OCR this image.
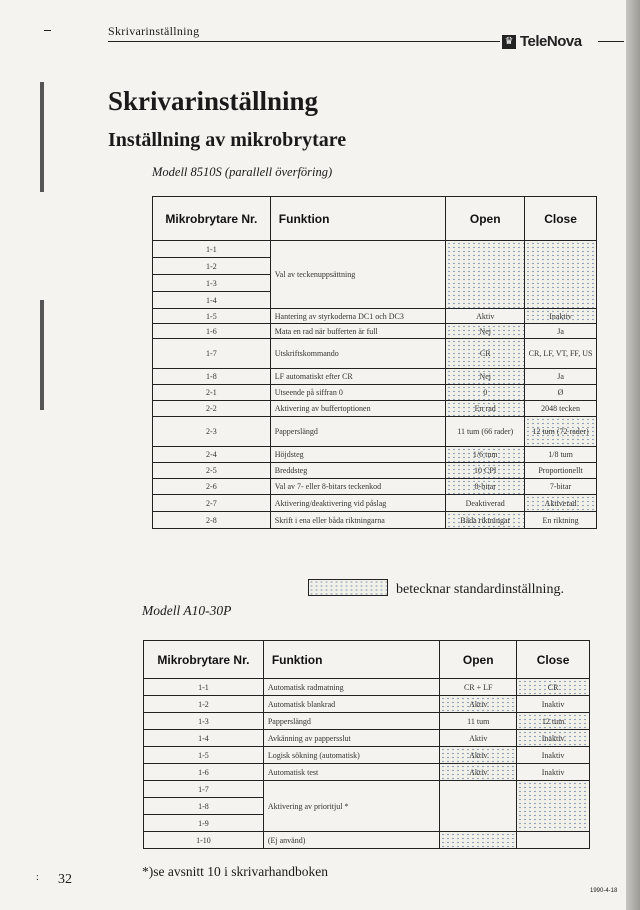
Skrivarinställning
♛ TeleNova
Skrivarinställning
Inställning av mikrobrytare
Modell 8510S (parallell överföring)
Mikrobrytare Nr.	Funktion	Open	Close
1-1	Val av teckenuppsättning		
1-2			
1-3			
1-4			
1-5	Hantering av styrkoderna DC1 och DC3	Aktiv	Inaktiv
1-6	Mata en rad när bufferten är full	Nej	Ja
1-7	Utskriftskommando	CR	CR, LF, VT, FF, US
1-8	LF automatiskt efter CR	Nej	Ja
2-1	Utseende på siffran 0	0	Ø
2-2	Aktivering av buffertoptionen	En rad	2048 tecken
2-3	Papperslängd	11 tum (66 rader)	12 tum (72 rader)
2-4	Höjdsteg	1/6 tum	1/8 tum
2-5	Breddsteg	10 CPI	Proportionellt
2-6	Val av 7- eller 8-bitars teckenkod	8-bitar	7-bitar
2-7	Aktivering/deaktivering vid påslag	Deaktiverad	Aktiverad
2-8	Skrift i ena eller båda riktningarna	Båda riktningar	En riktning
betecknar standardinställning.
Modell A10-30P
Mikrobrytare Nr.	Funktion	Open	Close
1-1	Automatisk radmatning	CR + LF	CR
1-2	Automatisk blankrad	Aktiv	Inaktiv
1-3	Papperslängd	11 tum	12 tum
1-4	Avkänning av pappersslut	Aktiv	Inaktiv
1-5	Logisk sökning (automatisk)	Aktiv	Inaktiv
1-6	Automatisk test	Aktiv	Inaktiv
1-7	Aktivering av prioritjul *		
1-8			
1-9			
1-10	(Ej använd)		
*)se avsnitt 10 i skrivarhandboken
: 32
1990-4-18
